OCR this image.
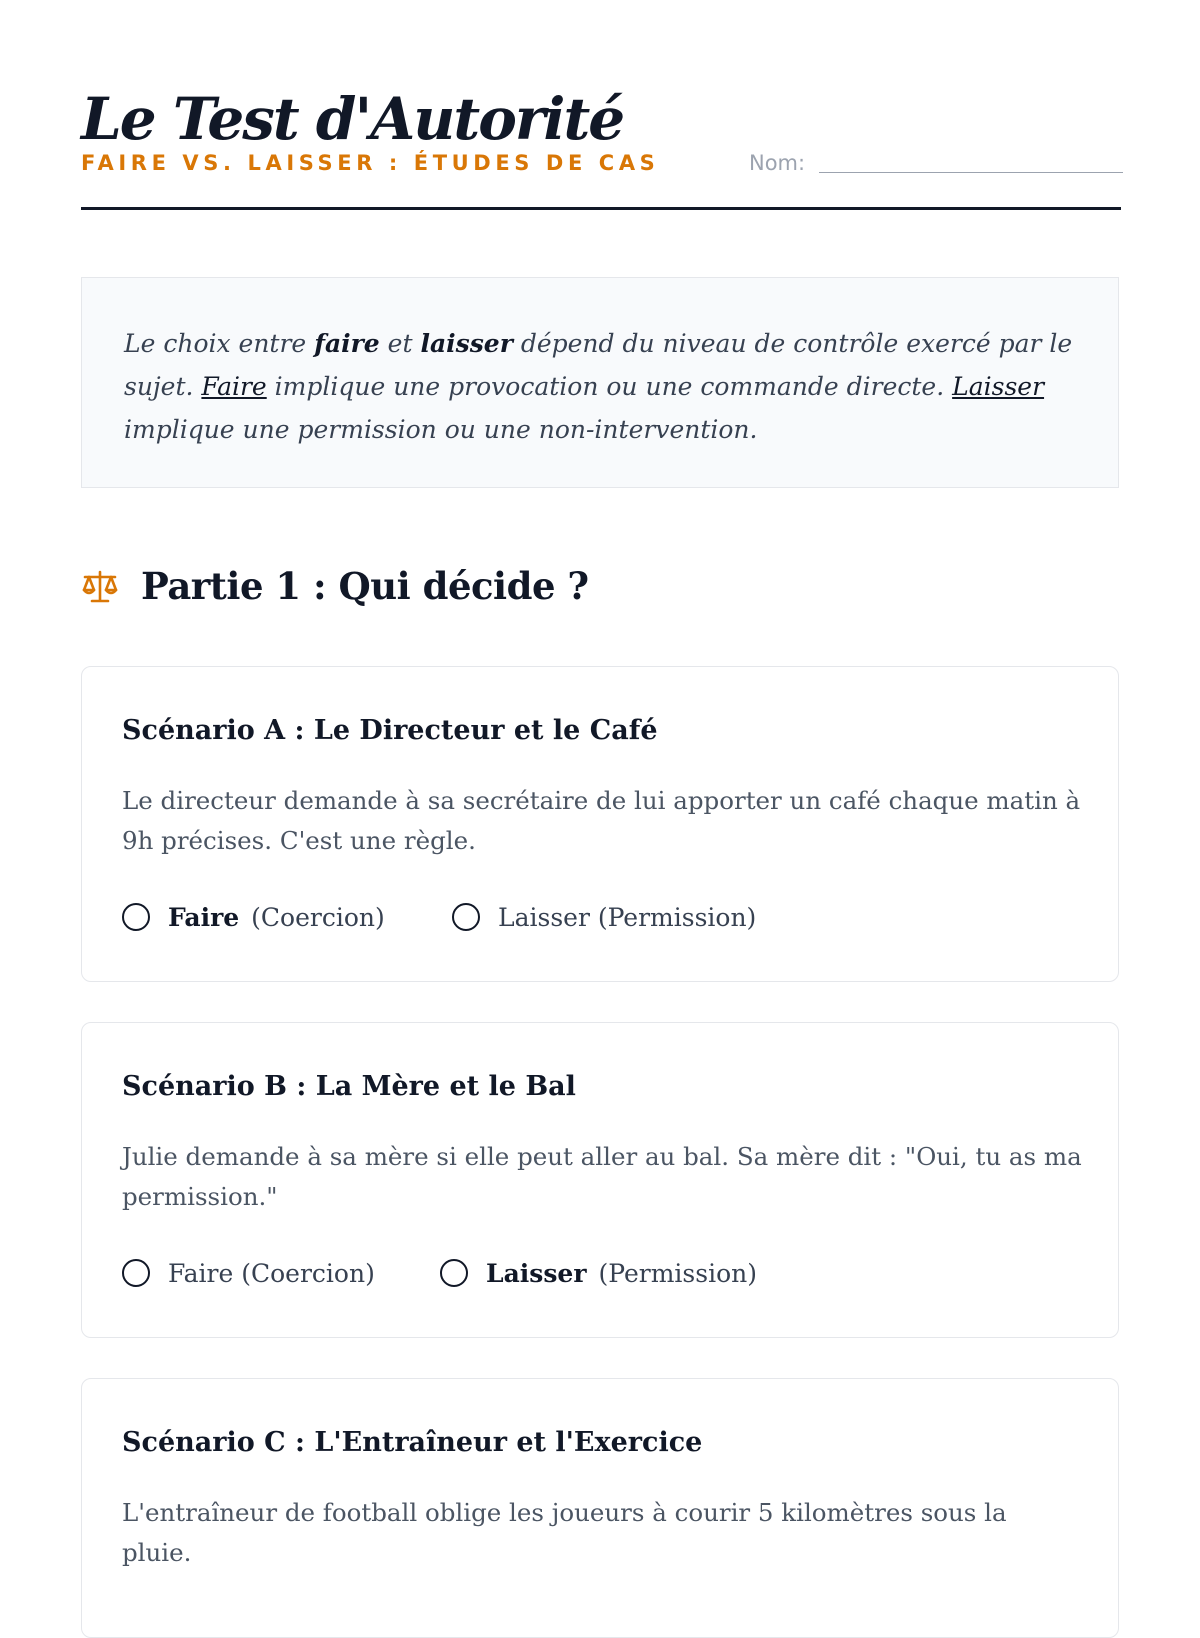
Le Test d'Autorité
FAIRE VS. LAISSER : ÉTUDES DE CAS	Nom:
Le choix entre faire et laisser dépend du niveau de contrôle exercé par le sujet. Faire implique une provocation ou une commande directe. Laisser implique une permission ou une non-intervention.
Partie 1 : Qui décide ?
Scénario A : Le Directeur et le Café

Le directeur demande à sa secrétaire de lui apporter un café chaque matin à 9h précises. C'est une règle.

Faire (Coercion)	Laisser (Permission)
Scénario B : La Mère et le Bal

Julie demande à sa mère si elle peut aller au bal. Sa mère dit : "Oui, tu as ma permission."

Faire (Coercion)	Laisser (Permission)
Scénario C : L'Entraîneur et l'Exercice

L'entraîneur de football oblige les joueurs à courir 5 kilomètres sous la pluie.
